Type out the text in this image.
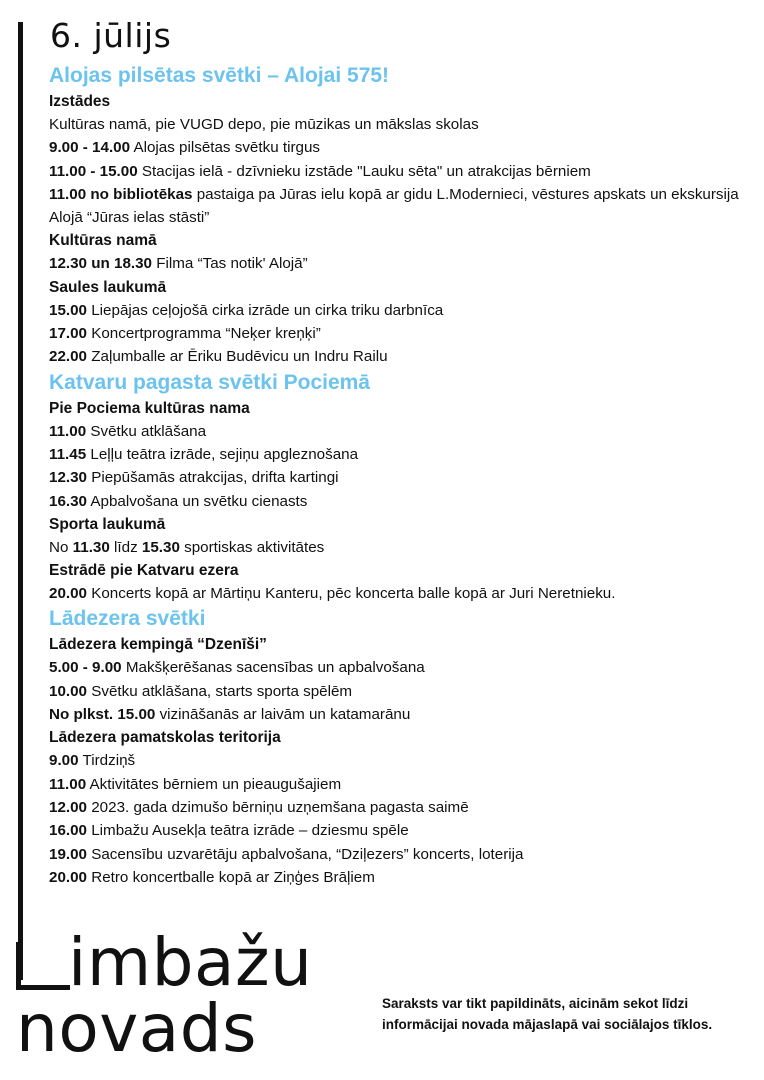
6. jūlijs
Alojas pilsētas svētki – Alojai 575!
Izstādes
Kultūras namā, pie VUGD depo, pie mūzikas un mākslas skolas
9.00 - 14.00 Alojas pilsētas svētku tirgus
11.00 - 15.00 Stacijas ielā - dzīvnieku izstāde "Lauku sēta" un atrakcijas bērniem
11.00 no bibliotēkas pastaiga pa Jūras ielu kopā ar gidu L.Modernieci, vēstures apskats un ekskursija Alojā “Jūras ielas stāsti”
Kultūras namā
12.30 un 18.30 Filma “Tas notik' Alojā”
Saules laukumā
15.00 Liepājas ceļojošā cirka izrāde un cirka triku darbnīca
17.00 Koncertprogramma “Neķer kreņķi”
22.00 Zaļumballe ar Ēriku Budēvicu un Indru Railu
Katvaru pagasta svētki Pociemā
Pie Pociema kultūras nama
11.00 Svētku atklāšana
11.45 Leļļu teātra izrāde, sejiņu apgleznošana
12.30 Piepūšamās atrakcijas, drifta kartingi
16.30 Apbalvošana un svētku cienasts
Sporta laukumā
No 11.30 līdz 15.30 sportiskas aktivitātes
Estrādē pie Katvaru ezera
20.00 Koncerts kopā ar Mārtiņu Kanteru, pēc koncerta balle kopā ar Juri Neretnieku.
Lādezera svētki
Lādezera kempingā “Dzenīši”
5.00 - 9.00 Makšķerēšanas sacensības un apbalvošana
10.00 Svētku atklāšana, starts sporta spēlēm
No plkst. 15.00 vizināšanās ar laivām un katamarānu
Lādezera pamatskolas teritorija
9.00 Tirdziņš
11.00 Aktivitātes bērniem un pieaugušajiem
12.00 2023. gada dzimušo bērniņu uzņemšana pagasta saimē
16.00 Limbažu Ausekļa teātra izrāde – dziesmu spēle
19.00 Sacensību uzvarētāju apbalvošana, “Dziļezers” koncerts, loterija
20.00 Retro koncertballe kopā ar Ziņģes Brāļiem
imbažu
novads	Saraksts var tikt papildināts, aicinām sekot līdzi informācijai novada mājaslapā vai sociālajos tīklos.
